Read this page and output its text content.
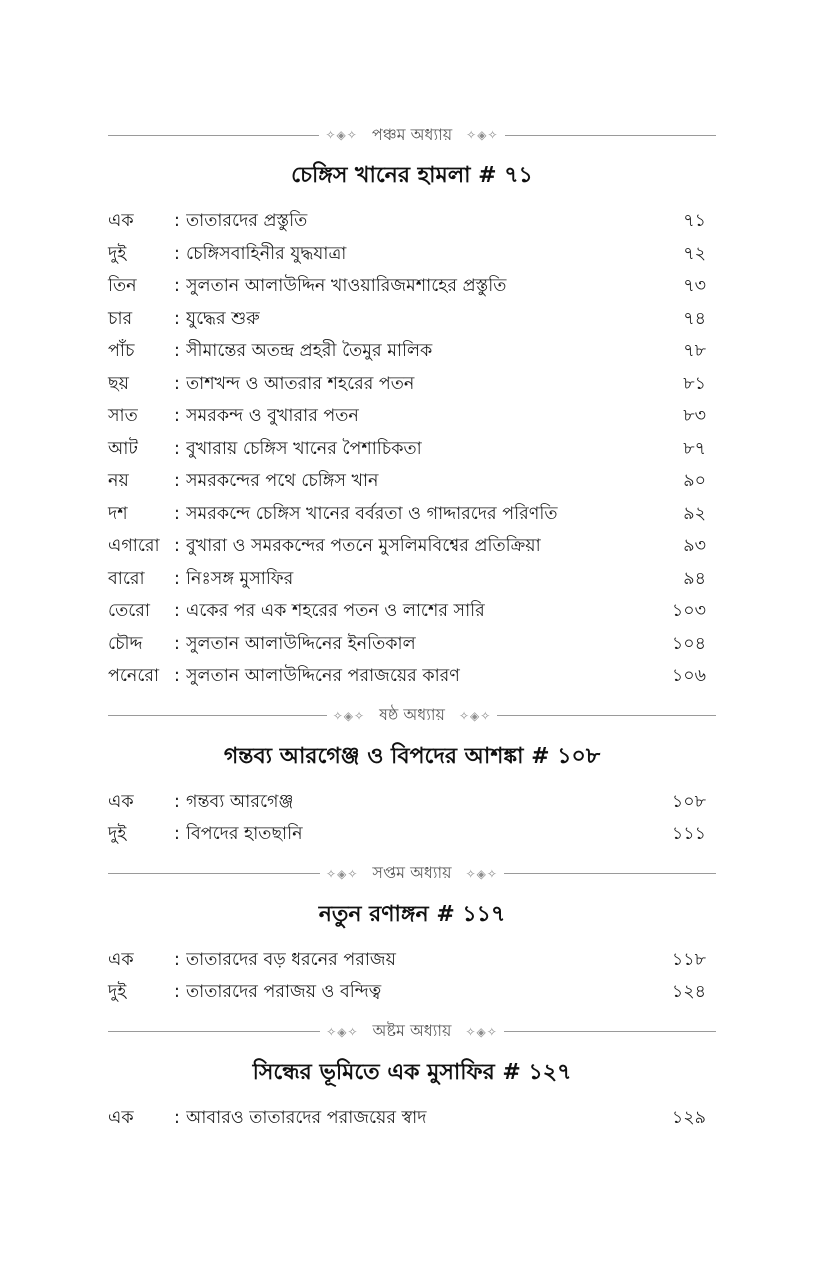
✧◈✧ পঞ্চম অধ্যায়	✧◈✧
চেঙ্গিস খানের হামলা # ৭১
এক	: তাতারদের প্রস্তুতি	৭১
দুই	: চেঙ্গিসবাহিনীর যুদ্ধযাত্রা	৭২
তিন	: সুলতান আলাউদ্দিন খাওয়ারিজমশাহের প্রস্তুতি	৭৩
চার	: যুদ্ধের শুরু	৭৪
পাঁচ	: সীমান্তের অতন্দ্র প্রহরী তৈমুর মালিক	৭৮
ছয়	: তাশখন্দ ও আতরার শহরের পতন	৮১
সাত	: সমরকন্দ ও বুখারার পতন	৮৩
আট	: বুখারায় চেঙ্গিস খানের পৈশাচিকতা	৮৭
নয়	: সমরকন্দের পথে চেঙ্গিস খান	৯০
দশ	: সমরকন্দে চেঙ্গিস খানের বর্বরতা ও গাদ্দারদের পরিণতি	৯২
এগারো : বুখারা ও সমরকন্দের পতনে মুসলিমবিশ্বের প্রতিক্রিয়া	৯৩
বারো	: নিঃসঙ্গ মুসাফির	৯৪
তেরো	: একের পর এক শহরের পতন ও লাশের সারি	১০৩
চৌদ্দ	: সুলতান আলাউদ্দিনের ইনতিকাল	১০৪
পনেরো : সুলতান আলাউদ্দিনের পরাজয়ের কারণ	১০৬
✧◈✧ ষষ্ঠ অধ্যায়	✧◈✧
গন্তব্য আরগেঞ্জ ও বিপদের আশঙ্কা # ১০৮
এক	: গন্তব্য আরগেঞ্জ	১০৮
দুই	: বিপদের হাতছানি	১১১
✧◈✧ সপ্তম অধ্যায়	✧◈✧
নতুন রণাঙ্গন # ১১৭
এক	: তাতারদের বড় ধরনের পরাজয়	১১৮
দুই	: তাতারদের পরাজয় ও বন্দিত্ব	১২৪
✧◈✧ অষ্টম অধ্যায়	✧◈✧
সিন্ধের ভূমিতে এক মুসাফির # ১২৭
এক	: আবারও তাতারদের পরাজয়ের স্বাদ	১২৯
